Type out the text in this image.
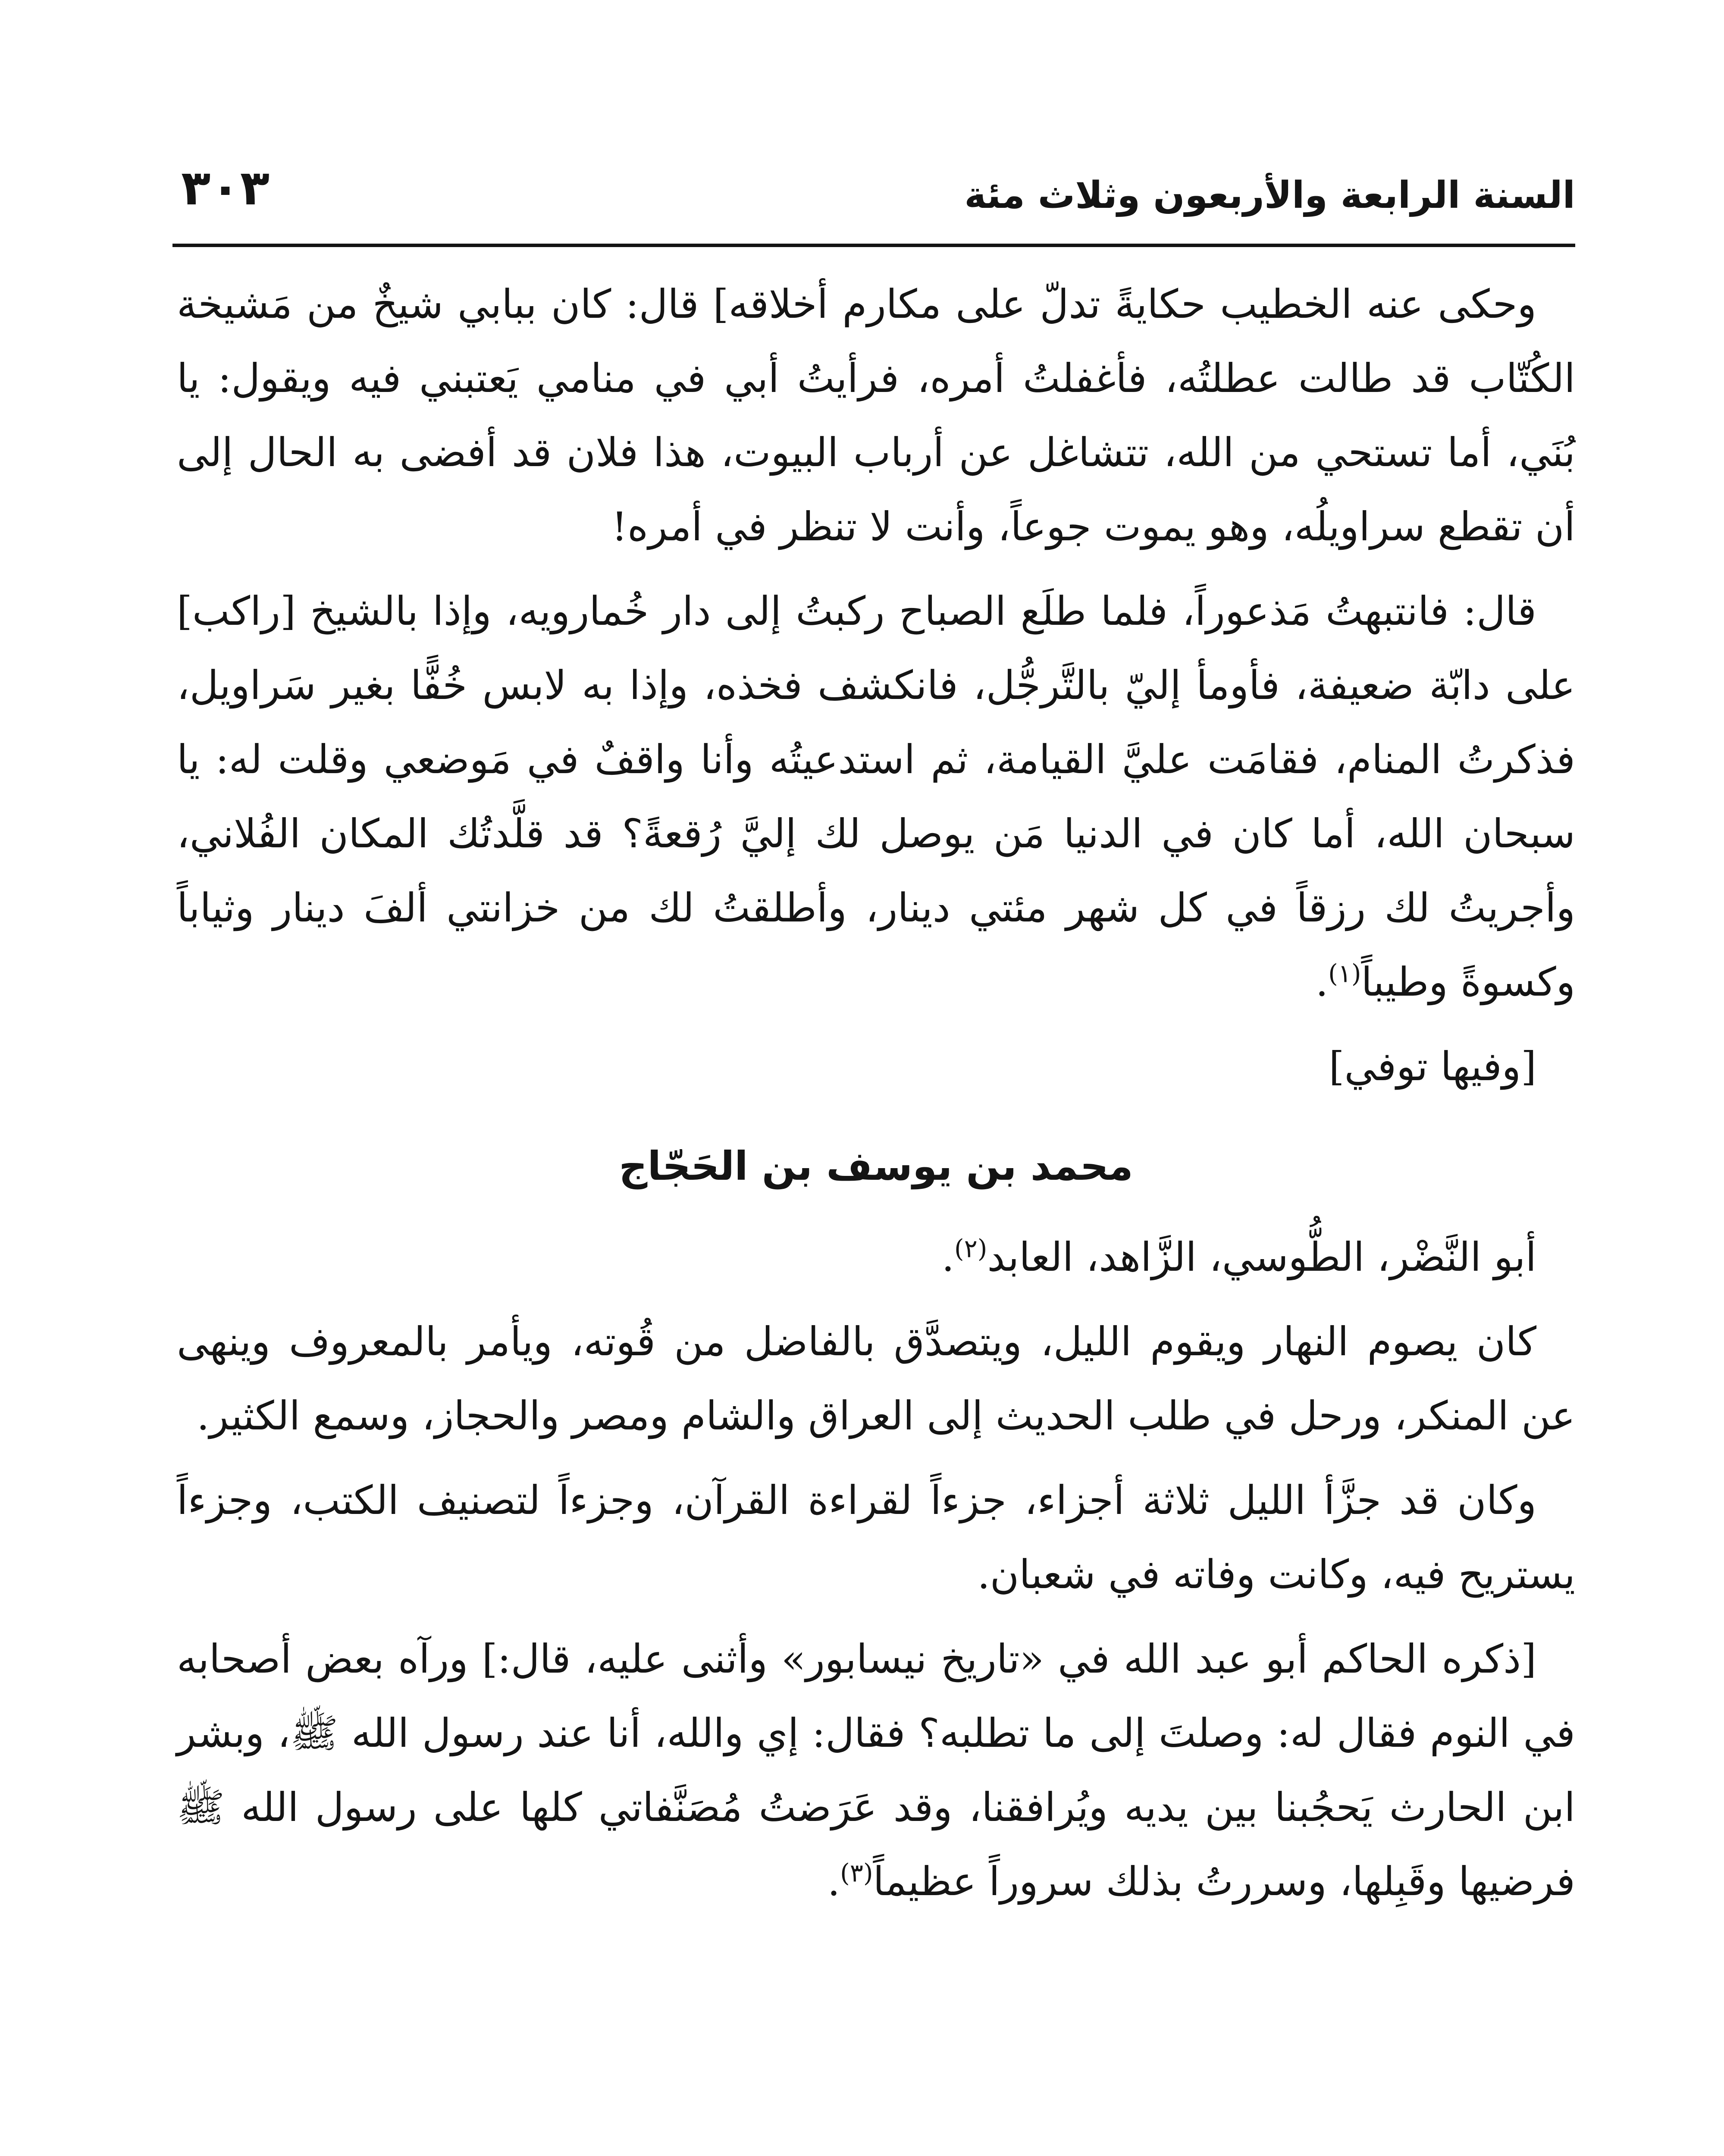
السنة الرابعة والأربعون وثلاث مئة
٣٠٣

وحكى عنه الخطيب حكايةً تدلّ على مكارم أخلاقه] قال: كان ببابي شيخٌ من مَشيخة الكُتّاب قد طالت عطلتُه، فأغفلتُ أمره، فرأيتُ أبي في منامي يَعتبني فيه ويقول: يا بُنَي، أما تستحي من الله، تتشاغل عن أرباب البيوت، هذا فلان قد أفضى به الحال إلى أن تقطع سراويلُه، وهو يموت جوعاً، وأنت لا تنظر في أمره!

قال: فانتبهتُ مَذعوراً، فلما طلَع الصباح ركبتُ إلى دار خُمارويه، وإذا بالشيخ [راكب] على دابّة ضعيفة، فأومأ إليّ بالتَّرجُّل، فانكشف فخذه، وإذا به لابس خُفًّا بغير سَراويل، فذكرتُ المنام، فقامَت عليَّ القيامة، ثم استدعيتُه وأنا واقفٌ في مَوضعي وقلت له: يا سبحان الله، أما كان في الدنيا مَن يوصل لك إليَّ رُقعةً؟ قد قلَّدتُك المكان الفُلاني، وأجريتُ لك رزقاً في كل شهر مئتي دينار، وأطلقتُ لك من خزانتي ألفَ دينار وثياباً وكسوةً وطيباً$^{(١)}$.

[وفيها توفي]

محمد بن يوسف بن الحَجّاج

أبو النَّضْر، الطُّوسي، الزَّاهد، العابد$^{(٢)}$.

كان يصوم النهار ويقوم الليل، ويتصدَّق بالفاضل من قُوته، ويأمر بالمعروف وينهى عن المنكر، ورحل في طلب الحديث إلى العراق والشام ومصر والحجاز، وسمع الكثير.

وكان قد جزَّأ الليل ثلاثة أجزاء، جزءاً لقراءة القرآن، وجزءاً لتصنيف الكتب، وجزءاً يستريح فيه، وكانت وفاته في شعبان.

[ذكره الحاكم أبو عبد الله في «تاريخ نيسابور» وأثنى عليه، قال:] ورآه بعض أصحابه في النوم فقال له: وصلتَ إلى ما تطلبه؟ فقال: إي والله، أنا عند رسول الله ﷺ، وبشر ابن الحارث يَحجُبنا بين يديه ويُرافقنا، وقد عَرَضتُ مُصَنَّفاتي كلها على رسول الله ﷺ فرضيها وقَبِلها، وسررتُ بذلك سروراً عظيماً$^{(٣)}$.
